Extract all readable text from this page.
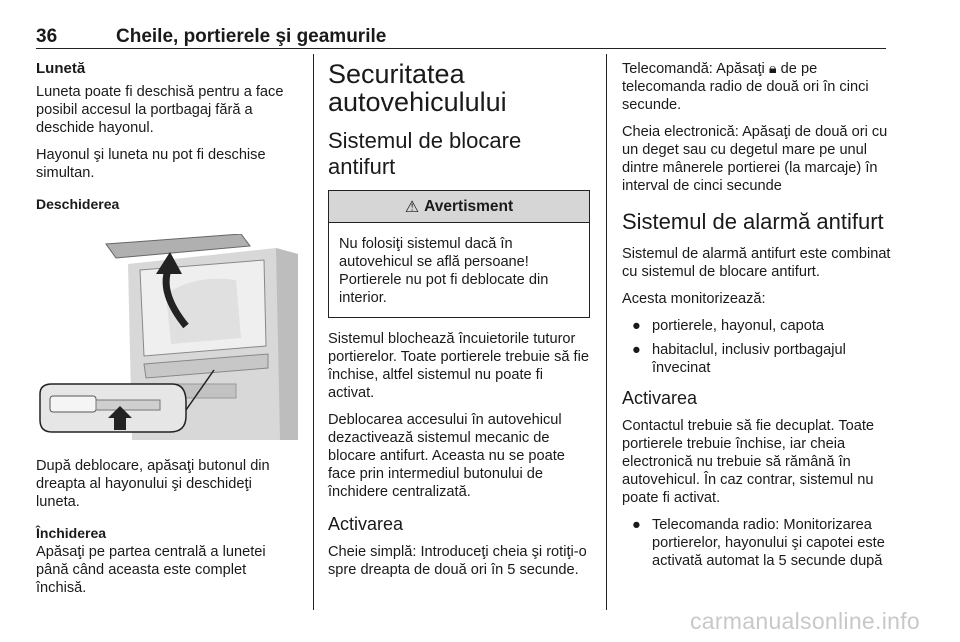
36	Cheile, portierele şi geamurile
Lunetă

Luneta poate fi deschisă pentru a face posibil accesul la portbagaj fără a deschide hayonul.

Hayonul şi luneta nu pot fi deschise simultan.

Deschiderea

După deblocare, apăsaţi butonul din dreapta al hayonului şi deschideţi luneta.

Închiderea

Apăsaţi pe partea centrală a lunetei până când aceasta este complet închisă.

Securitatea autovehiculului
Sistemul de blocare antifurt
⚠ Avertisment
Nu folosiţi sistemul dacă în autovehicul se află persoane! Portierele nu pot fi deblocate din interior.

Sistemul blochează încuietorile tuturor portierelor. Toate portierele trebuie să fie închise, altfel sistemul nu poate fi activat.

Deblocarea accesului în autovehicul dezactivează sistemul mecanic de blocare antifurt. Aceasta nu se poate face prin intermediul butonului de închidere centralizată.

Activarea

Cheie simplă: Introduceţi cheia şi rotiţi-o spre dreapta de două ori în 5 secunde.

Telecomandă: Apăsaţi 🔒︎ de pe telecomanda radio de două ori în cinci secunde.

Cheia electronică: Apăsaţi de două ori cu un deget sau cu degetul mare pe unul dintre mânerele portierei (la marcaje) în interval de cinci secunde

Sistemul de alarmă antifurt

Sistemul de alarmă antifurt este combinat cu sistemul de blocare antifurt.

Acesta monitorizează:

● portierele, hayonul, capota
● habitaclul, inclusiv portbagajul învecinat
Activarea

Contactul trebuie să fie decuplat. Toate portierele trebuie închise, iar cheia electronică nu trebuie să rămână în autovehicul. În caz contrar, sistemul nu poate fi activat.

● Telecomanda radio: Monitorizarea portierelor, hayonului şi capotei este activată automat la 5 secunde după
carmanualsonline.info
